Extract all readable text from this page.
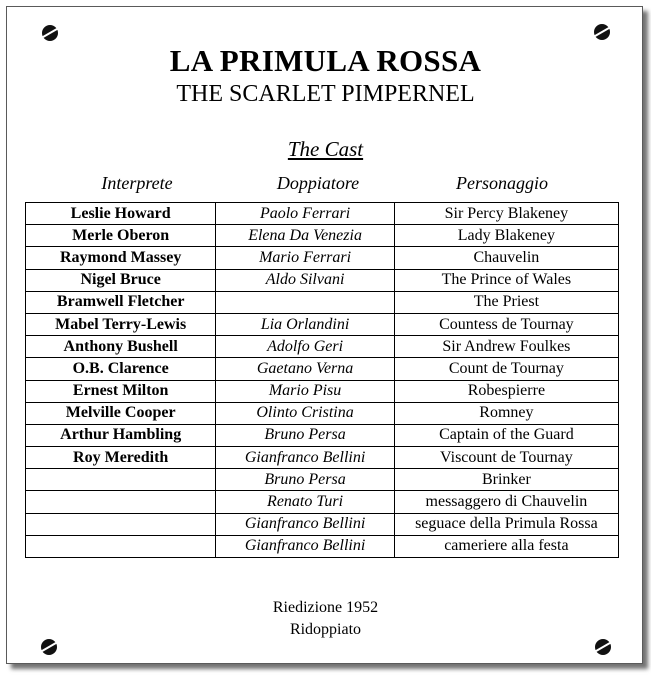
LA PRIMULA ROSSA
THE SCARLET PIMPERNEL
The Cast
Interprete	Doppiatore	Personaggio
Leslie Howard	Paolo Ferrari	Sir Percy Blakeney
Merle Oberon	Elena Da Venezia	Lady Blakeney
Raymond Massey	Mario Ferrari	Chauvelin
Nigel Bruce	Aldo Silvani	The Prince of Wales
Bramwell Fletcher		The Priest
Mabel Terry-Lewis	Lia Orlandini	Countess de Tournay
Anthony Bushell	Adolfo Geri	Sir Andrew Foulkes
O.B. Clarence	Gaetano Verna	Count de Tournay
Ernest Milton	Mario Pisu	Robespierre
Melville Cooper	Olinto Cristina	Romney
Arthur Hambling	Bruno Persa	Captain of the Guard
Roy Meredith	Gianfranco Bellini	Viscount de Tournay
	Bruno Persa	Brinker
	Renato Turi	messaggero di Chauvelin
	Gianfranco Bellini	seguace della Primula Rossa
	Gianfranco Bellini	cameriere alla festa
Riedizione 1952
Ridoppiato
